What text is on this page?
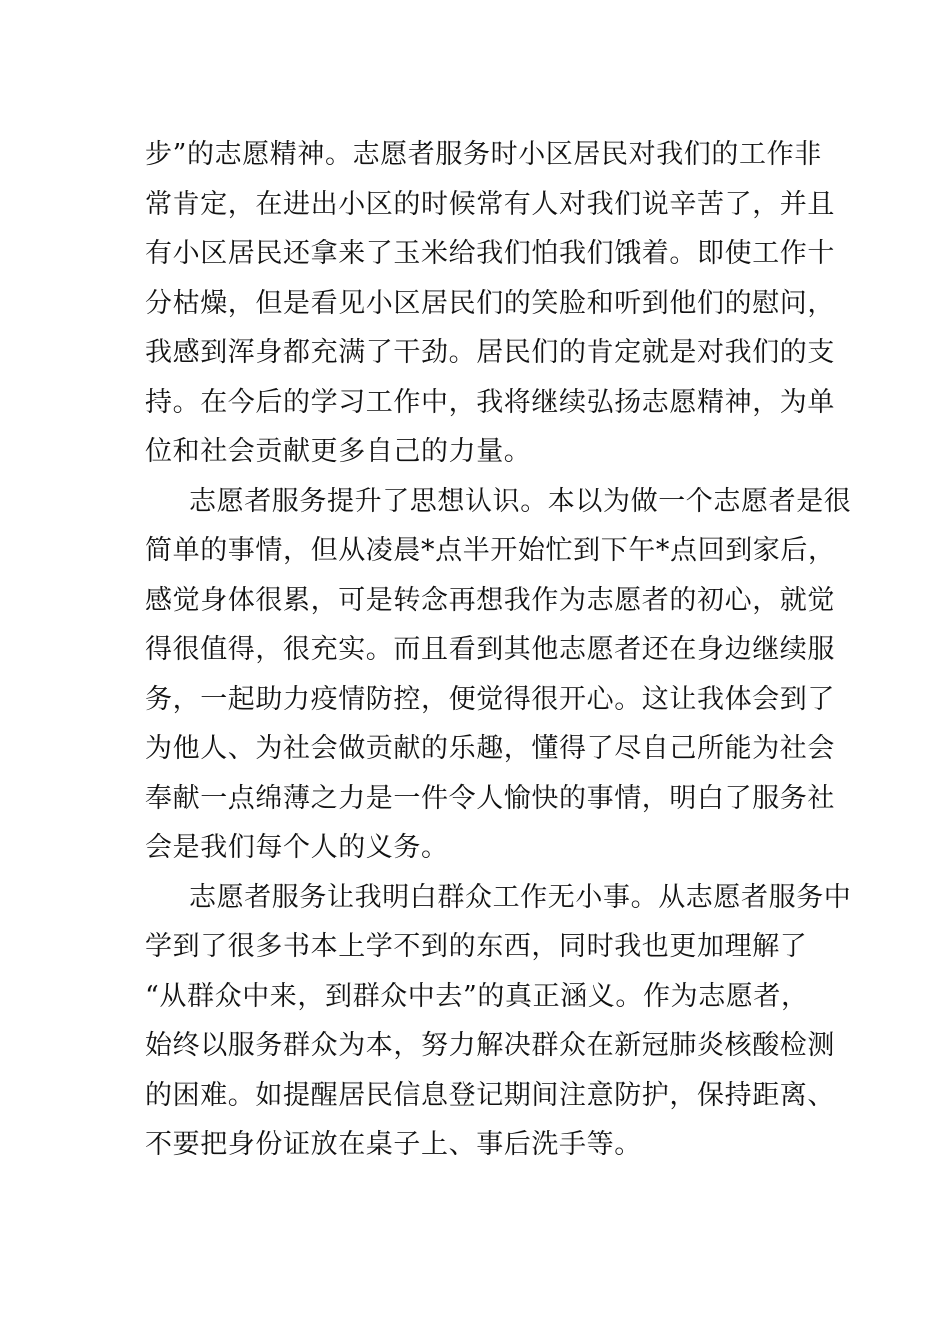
步”的志愿精神。志愿者服务时小区居民对我们的工作非
常肯定，在进出小区的时候常有人对我们说辛苦了，并且
有小区居民还拿来了玉米给我们怕我们饿着。即使工作十
分枯燥，但是看见小区居民们的笑脸和听到他们的慰问，
我感到浑身都充满了干劲。居民们的肯定就是对我们的支
持。在今后的学习工作中，我将继续弘扬志愿精神，为单
位和社会贡献更多自己的力量。
志愿者服务提升了思想认识。本以为做一个志愿者是很
简单的事情，但从凌晨*点半开始忙到下午*点回到家后，
感觉身体很累，可是转念再想我作为志愿者的初心，就觉
得很值得，很充实。而且看到其他志愿者还在身边继续服
务，一起助力疫情防控，便觉得很开心。这让我体会到了
为他人、为社会做贡献的乐趣，懂得了尽自己所能为社会
奉献一点绵薄之力是一件令人愉快的事情，明白了服务社
会是我们每个人的义务。
志愿者服务让我明白群众工作无小事。从志愿者服务中
学到了很多书本上学不到的东西，同时我也更加理解了
“从群众中来，到群众中去”的真正涵义。作为志愿者，
始终以服务群众为本，努力解决群众在新冠肺炎核酸检测
的困难。如提醒居民信息登记期间注意防护，保持距离、
不要把身份证放在桌子上、事后洗手等。
